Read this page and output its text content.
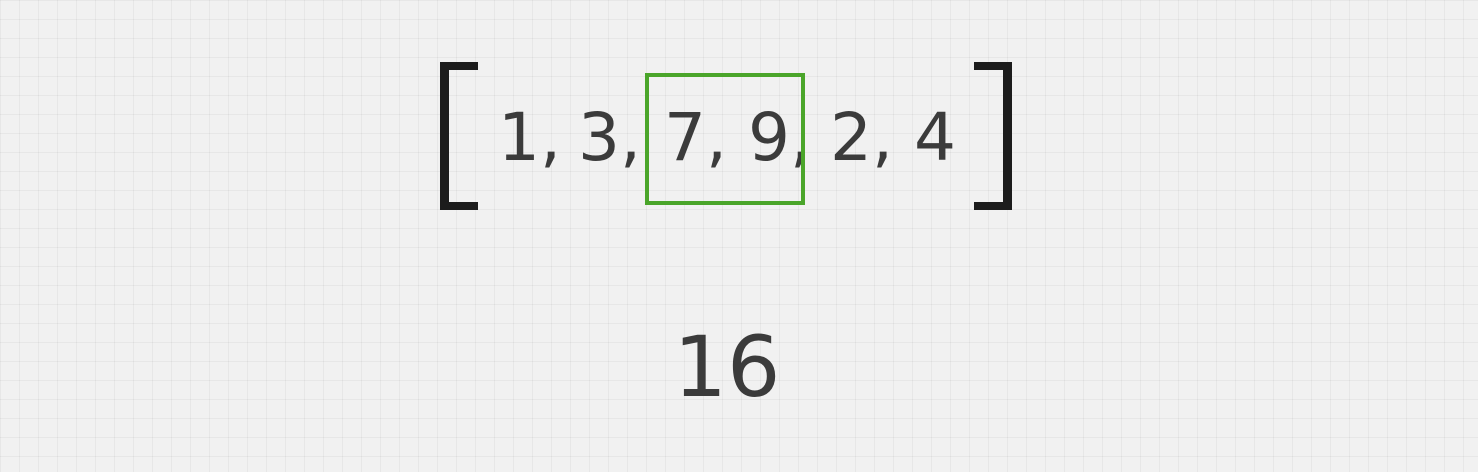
1, 3, 7, 9, 2, 4
16
